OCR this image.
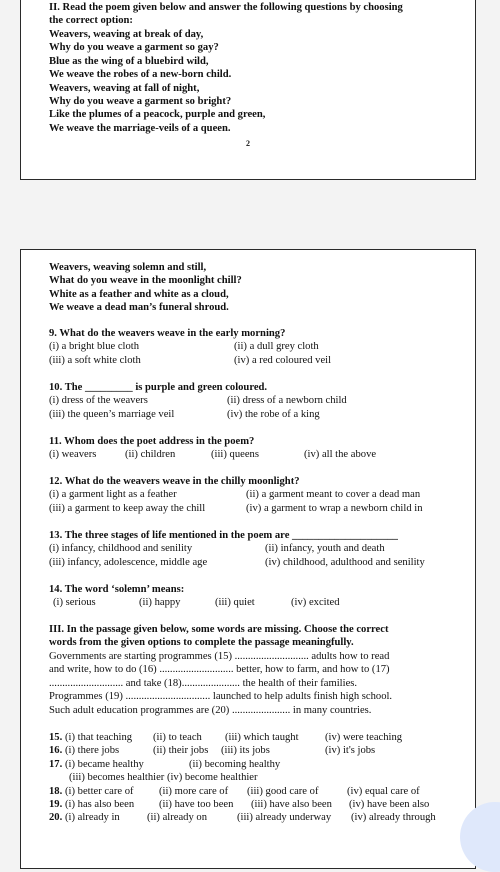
II. Read the poem given below and answer the following questions by choosing
the correct option:
Weavers, weaving at break of day,
Why do you weave a garment so gay?
Blue as the wing of a bluebird wild,
We weave the robes of a new-born child.
Weavers, weaving at fall of night,
Why do you weave a garment so bright?
Like the plumes of a peacock, purple and green,
We weave the marriage-veils of a queen.
2
Weavers, weaving solemn and still,
What do you weave in the moonlight chill?
White as a feather and white as a cloud,
We weave a dead man’s funeral shroud.
9. What do the weavers weave in the early morning?
(i) a bright blue cloth	(ii) a dull grey cloth
(iii) a soft white cloth	(iv) a red coloured veil
10. The _________ is purple and green coloured.
(i) dress of the weavers	(ii) dress of a newborn child
(iii) the queen’s marriage veil	(iv) the robe of a king
11. Whom does the poet address in the poem?
(i) weavers	(ii) children	(iii) queens	(iv) all the above
12. What do the weavers weave in the chilly moonlight?
(i) a garment light as a feather	(ii) a garment meant to cover a dead man
(iii) a garment to keep away the chill	(iv) a garment to wrap a newborn child in
13. The three stages of life mentioned in the poem are ____________________
(i) infancy, childhood and senility	(ii) infancy, youth and death
(iii) infancy, adolescence, middle age	(iv) childhood, adulthood and senility
14. The word ‘solemn’ means:
(i) serious	(ii) happy	(iii) quiet	(iv) excited
III. In the passage given below, some words are missing. Choose the correct
words from the given options to complete the passage meaningfully.
Governments are starting programmes (15) ............................ adults how to read
and write, how to do (16) ............................ better, how to farm, and how to (17)
............................ and take (18)...................... the health of their families.
Programmes (19) ................................ launched to help adults finish high school.
Such adult education programmes are (20) ...................... in many countries.
15. (i) that teaching (ii) to teach (iii) which taught (iv) were teaching
16. (i) there jobs	(ii) their jobs (iii) its jobs	(iv) it's jobs
17. (i) became healthy	(ii) becoming healthy
(iii) becomes healthier (iv) become healthier
18. (i) better care of (ii) more care of (iii) good care of	(iv) equal care of
19. (i) has also been (ii) have too been (iii) have also been (iv) have been also
20. (i) already in	(ii) already on	(iii) already underway (iv) already through
